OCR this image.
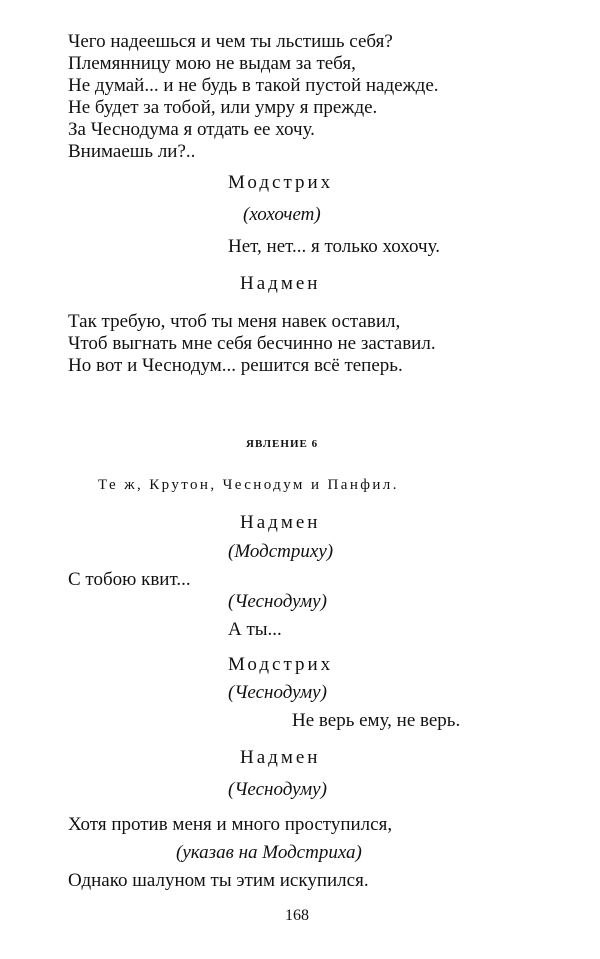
Чего надеешься и чем ты льстишь себя?
Племянницу мою не выдам за тебя,
Не думай... и не будь в такой пустой надежде.
Не будет за тобой, или умру я прежде.
За Чеснодума я отдать ее хочу.
Внимаешь ли?..
Модстрих
(хохочет)
Нет, нет... я только хохочу.
Надмен
Так требую, чтоб ты меня навек оставил,
Чтоб выгнать мне себя бесчинно не заставил.
Но вот и Чеснодум... решится всё теперь.
ЯВЛЕНИЕ 6
Те ж, Крутон, Чеснодум и Панфил.
Надмен
(Модстриху)
С тобою квит...
(Чеснодуму)
А ты...
Модстрих
(Чеснодуму)
Не верь ему, не верь.
Надмен
(Чеснодуму)
Хотя против меня и много проступился,
(указав на Модстриха)
Однако шалуном ты этим искупился.
168
